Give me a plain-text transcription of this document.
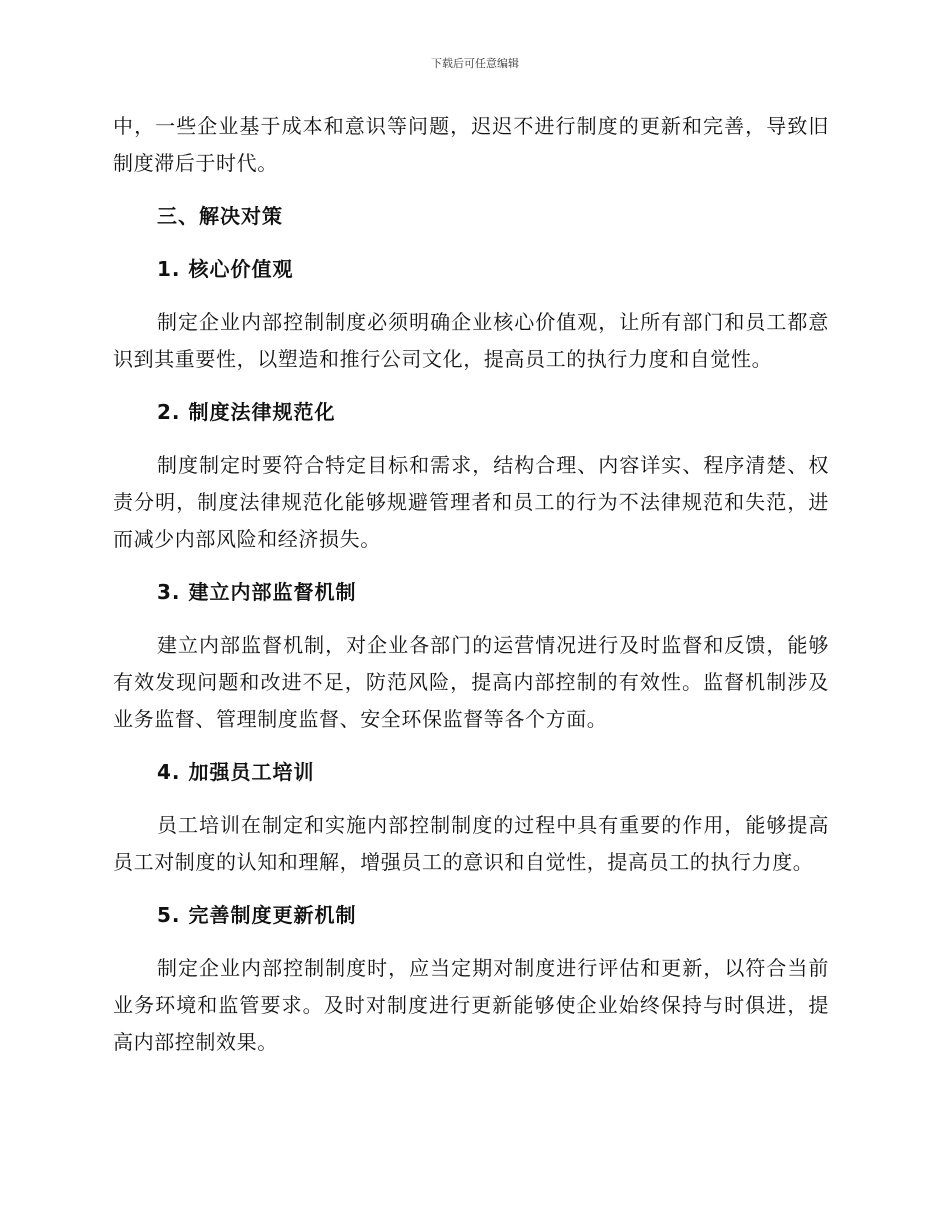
下载后可任意编辑

中，一些企业基于成本和意识等问题，迟迟不进行制度的更新和完善，导致旧制度滞后于时代。

三、解决对策
1. 核心价值观

制定企业内部控制制度必须明确企业核心价值观，让所有部门和员工都意识到其重要性，以塑造和推行公司文化，提高员工的执行力度和自觉性。

2. 制度法律规范化

制度制定时要符合特定目标和需求，结构合理、内容详实、程序清楚、权责分明，制度法律规范化能够规避管理者和员工的行为不法律规范和失范，进而减少内部风险和经济损失。

3. 建立内部监督机制

建立内部监督机制，对企业各部门的运营情况进行及时监督和反馈，能够有效发现问题和改进不足，防范风险，提高内部控制的有效性。监督机制涉及业务监督、管理制度监督、安全环保监督等各个方面。

4. 加强员工培训

员工培训在制定和实施内部控制制度的过程中具有重要的作用，能够提高员工对制度的认知和理解，增强员工的意识和自觉性，提高员工的执行力度。

5. 完善制度更新机制

制定企业内部控制制度时，应当定期对制度进行评估和更新，以符合当前业务环境和监管要求。及时对制度进行更新能够使企业始终保持与时俱进，提高内部控制效果。
